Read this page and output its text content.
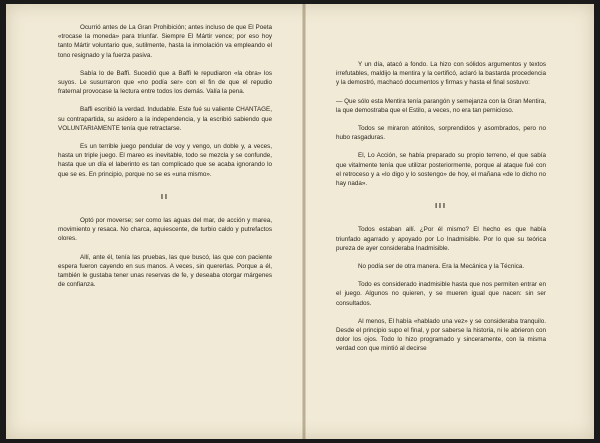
Ocurrió antes de La Gran Prohibición; antes incluso de que El Poeta «trocase la moneda» para triunfar. Siempre El Mártir vence; por eso hoy tanto Mártir voluntario que, sutilmente, hasta la inmolación va empleando el tono resignado y la fuerza pasiva.

Sabía lo de Baffi. Sucedió que a Baffi le repudiaron «la obra» los suyos. Le susurraron que «no podía ser» con el fin de que el repudio fraternal provocase la lectura entre todos los demás. Valía la pena.

Baffi escribió la verdad. Indudable. Este fué su valiente CHANTAGE, su contrapartida, su asidero a la independencia, y la escribió sabiendo que VOLUNTARIAMENTE tenía que retractarse.

Es un terrible juego pendular de voy y vengo, un doble y, a veces, hasta un triple juego. El mareo es inevitable, todo se mezcla y se confunde, hasta que un día el laberinto es tan complicado que se acaba ignorando lo que se es. En principio, porque no se es «una mismo».

II

Optó por moverse; ser como las aguas del mar, de acción y marea, movimiento y resaca. No charca, aquiescente, de turbio caldo y putrefactos olores.

Allí, ante él, tenía las pruebas, las que buscó, las que con paciente espera fueron cayendo en sus manos. A veces, sin quererlas. Porque a él, también le gustaba tener unas reservas de fe, y deseaba otorgar márgenes de confianza.

Y un día, atacó a fondo. La hizo con sólidos argumentos y textos irrefutables, maldijo la mentira y la certificó, aclaró la bastarda procedencia y la demostró, machacó documentos y firmas y hasta el final sostuvo:

— Que sólo esta Mentira tenía parangón y semejanza con la Gran Mentira, la que demostraba que el Estilo, a veces, no era tan pernicioso.

Todos se miraron atónitos, sorprendidos y asombrados, pero no hubo rasgaduras.

El, Lo Acción, se había preparado su propio terreno, el que sabía que vitalmente tenía que utilizar posteriormente, porque al ataque fué con el retroceso y a «lo digo y lo sostengo» de hoy, el mañana «de lo dicho no hay nada».

III

Todos estaban allí. ¿Por él mismo? El hecho es que había triunfado agarrado y apoyado por Lo Inadmisible. Por lo que su teórica pureza de ayer consideraba Inadmisible.

No podía ser de otra manera. Era la Mecánica y la Técnica.

Todo es considerado inadmisible hasta que nos permiten entrar en el juego. Algunos no quieren, y se mueren igual que nacen: sin ser consultados.

Al menos, El había «hablado una vez» y se consideraba tranquilo. Desde el principio supo el final, y por saberse la historia, ni le abrieron con dolor los ojos. Todo lo hizo programado y sinceramente, con la misma verdad con que mintió al decirse
